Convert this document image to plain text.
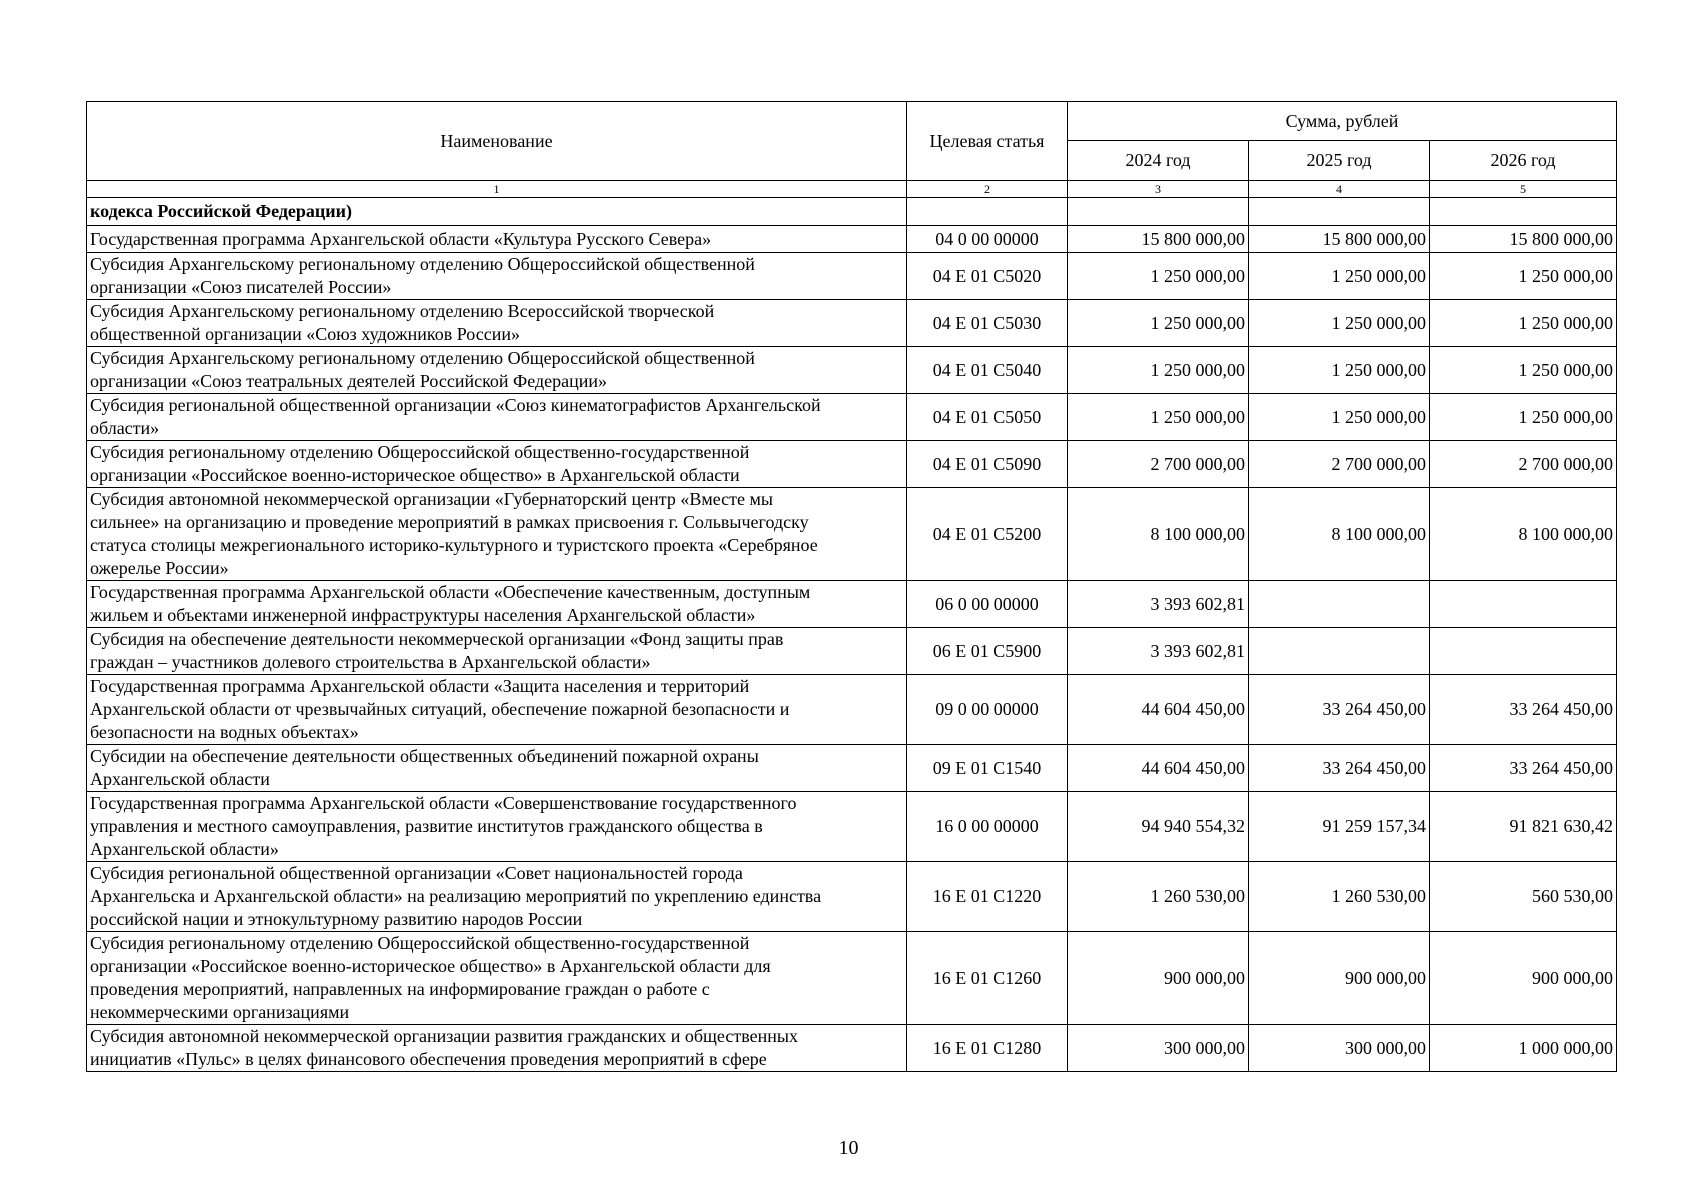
Наименование	Целевая статья	Сумма, рублей		
		2024 год	2025 год	2026 год
1	2	3	4	5
кодекса Российской Федерации)				
Государственная программа Архангельской области «Культура Русского Севера»	04 0 00 00000	15 800 000,00	15 800 000,00	15 800 000,00
Субсидия Архангельскому региональному отделению Общероссийской общественной
организации «Союз писателей России»	04 Е 01 С5020	1 250 000,00	1 250 000,00	1 250 000,00
Субсидия Архангельскому региональному отделению Всероссийской творческой
общественной организации «Союз художников России»	04 Е 01 С5030	1 250 000,00	1 250 000,00	1 250 000,00
Субсидия Архангельскому региональному отделению Общероссийской общественной
организации «Союз театральных деятелей Российской Федерации»	04 Е 01 С5040	1 250 000,00	1 250 000,00	1 250 000,00
Субсидия региональной общественной организации «Союз кинематографистов Архангельской
области»	04 Е 01 С5050	1 250 000,00	1 250 000,00	1 250 000,00
Субсидия региональному отделению Общероссийской общественно-государственной
организации «Российское военно-историческое общество» в Архангельской области	04 Е 01 С5090	2 700 000,00	2 700 000,00	2 700 000,00
Субсидия автономной некоммерческой организации «Губернаторский центр «Вместе мы
сильнее» на организацию и проведение мероприятий в рамках присвоения г. Сольвычегодску
статуса столицы межрегионального историко-культурного и туристского проекта «Серебряное
ожерелье России»	04 Е 01 С5200	8 100 000,00	8 100 000,00	8 100 000,00
Государственная программа Архангельской области «Обеспечение качественным, доступным
жильем и объектами инженерной инфраструктуры населения Архангельской области»	06 0 00 00000	3 393 602,81		
Субсидия на обеспечение деятельности некоммерческой организации «Фонд защиты прав
граждан – участников долевого строительства в Архангельской области»	06 Е 01 С5900	3 393 602,81		
Государственная программа Архангельской области «Защита населения и территорий
Архангельской области от чрезвычайных ситуаций, обеспечение пожарной безопасности и
безопасности на водных объектах»	09 0 00 00000	44 604 450,00	33 264 450,00	33 264 450,00
Субсидии на обеспечение деятельности общественных объединений пожарной охраны
Архангельской области	09 Е 01 С1540	44 604 450,00	33 264 450,00	33 264 450,00
Государственная программа Архангельской области «Совершенствование государственного
управления и местного самоуправления, развитие институтов гражданского общества в
Архангельской области»	16 0 00 00000	94 940 554,32	91 259 157,34	91 821 630,42
Субсидия региональной общественной организации «Совет национальностей города
Архангельска и Архангельской области» на реализацию мероприятий по укреплению единства
российской нации и этнокультурному развитию народов России	16 Е 01 С1220	1 260 530,00	1 260 530,00	560 530,00
Субсидия региональному отделению Общероссийской общественно-государственной
организации «Российское военно-историческое общество» в Архангельской области для
проведения мероприятий, направленных на информирование граждан о работе с
некоммерческими организациями	16 Е 01 С1260	900 000,00	900 000,00	900 000,00
Субсидия автономной некоммерческой организации развития гражданских и общественных
инициатив «Пульс» в целях финансового обеспечения проведения мероприятий в сфере	16 Е 01 С1280	300 000,00	300 000,00	1 000 000,00
10
